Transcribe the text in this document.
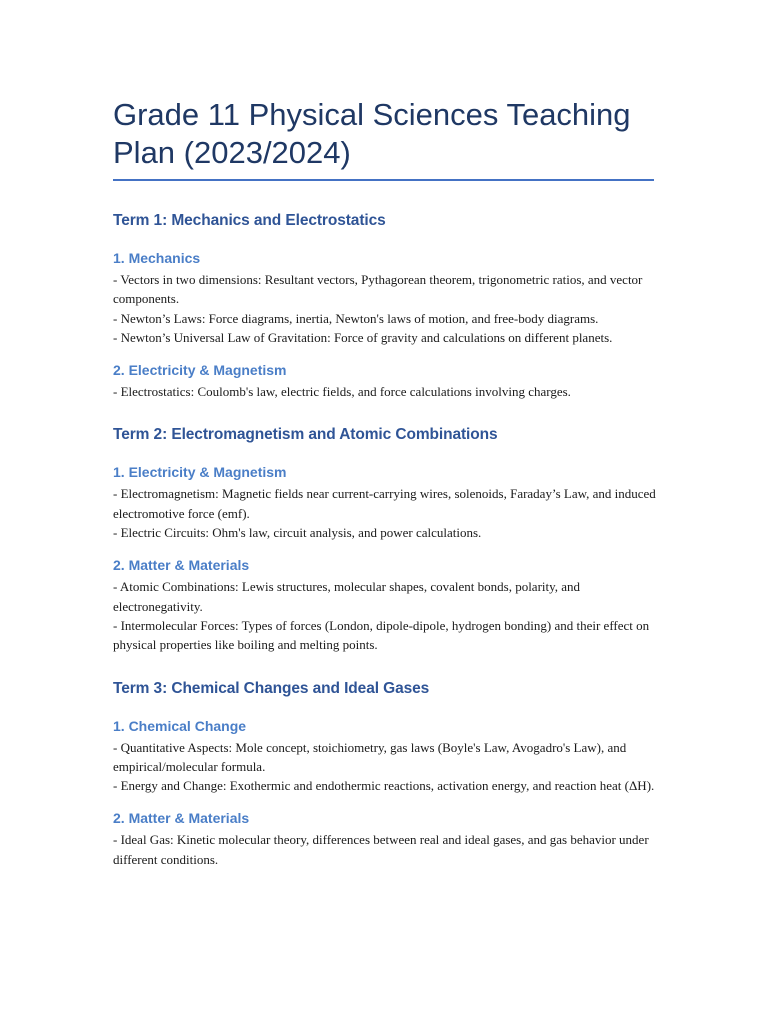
Grade 11 Physical Sciences Teaching Plan (2023/2024)
Term 1: Mechanics and Electrostatics
1. Mechanics

- Vectors in two dimensions: Resultant vectors, Pythagorean theorem, trigonometric ratios, and vector components.

- Newton’s Laws: Force diagrams, inertia, Newton's laws of motion, and free-body diagrams.

- Newton’s Universal Law of Gravitation: Force of gravity and calculations on different planets.

2. Electricity & Magnetism

- Electrostatics: Coulomb's law, electric fields, and force calculations involving charges.

Term 2: Electromagnetism and Atomic Combinations
1. Electricity & Magnetism

- Electromagnetism: Magnetic fields near current-carrying wires, solenoids, Faraday’s Law, and induced electromotive force (emf).

- Electric Circuits: Ohm's law, circuit analysis, and power calculations.

2. Matter & Materials

- Atomic Combinations: Lewis structures, molecular shapes, covalent bonds, polarity, and electronegativity.

- Intermolecular Forces: Types of forces (London, dipole-dipole, hydrogen bonding) and their effect on physical properties like boiling and melting points.

Term 3: Chemical Changes and Ideal Gases
1. Chemical Change

- Quantitative Aspects: Mole concept, stoichiometry, gas laws (Boyle's Law, Avogadro's Law), and empirical/molecular formula.

- Energy and Change: Exothermic and endothermic reactions, activation energy, and reaction heat (ΔH).

2. Matter & Materials

- Ideal Gas: Kinetic molecular theory, differences between real and ideal gases, and gas behavior under different conditions.
